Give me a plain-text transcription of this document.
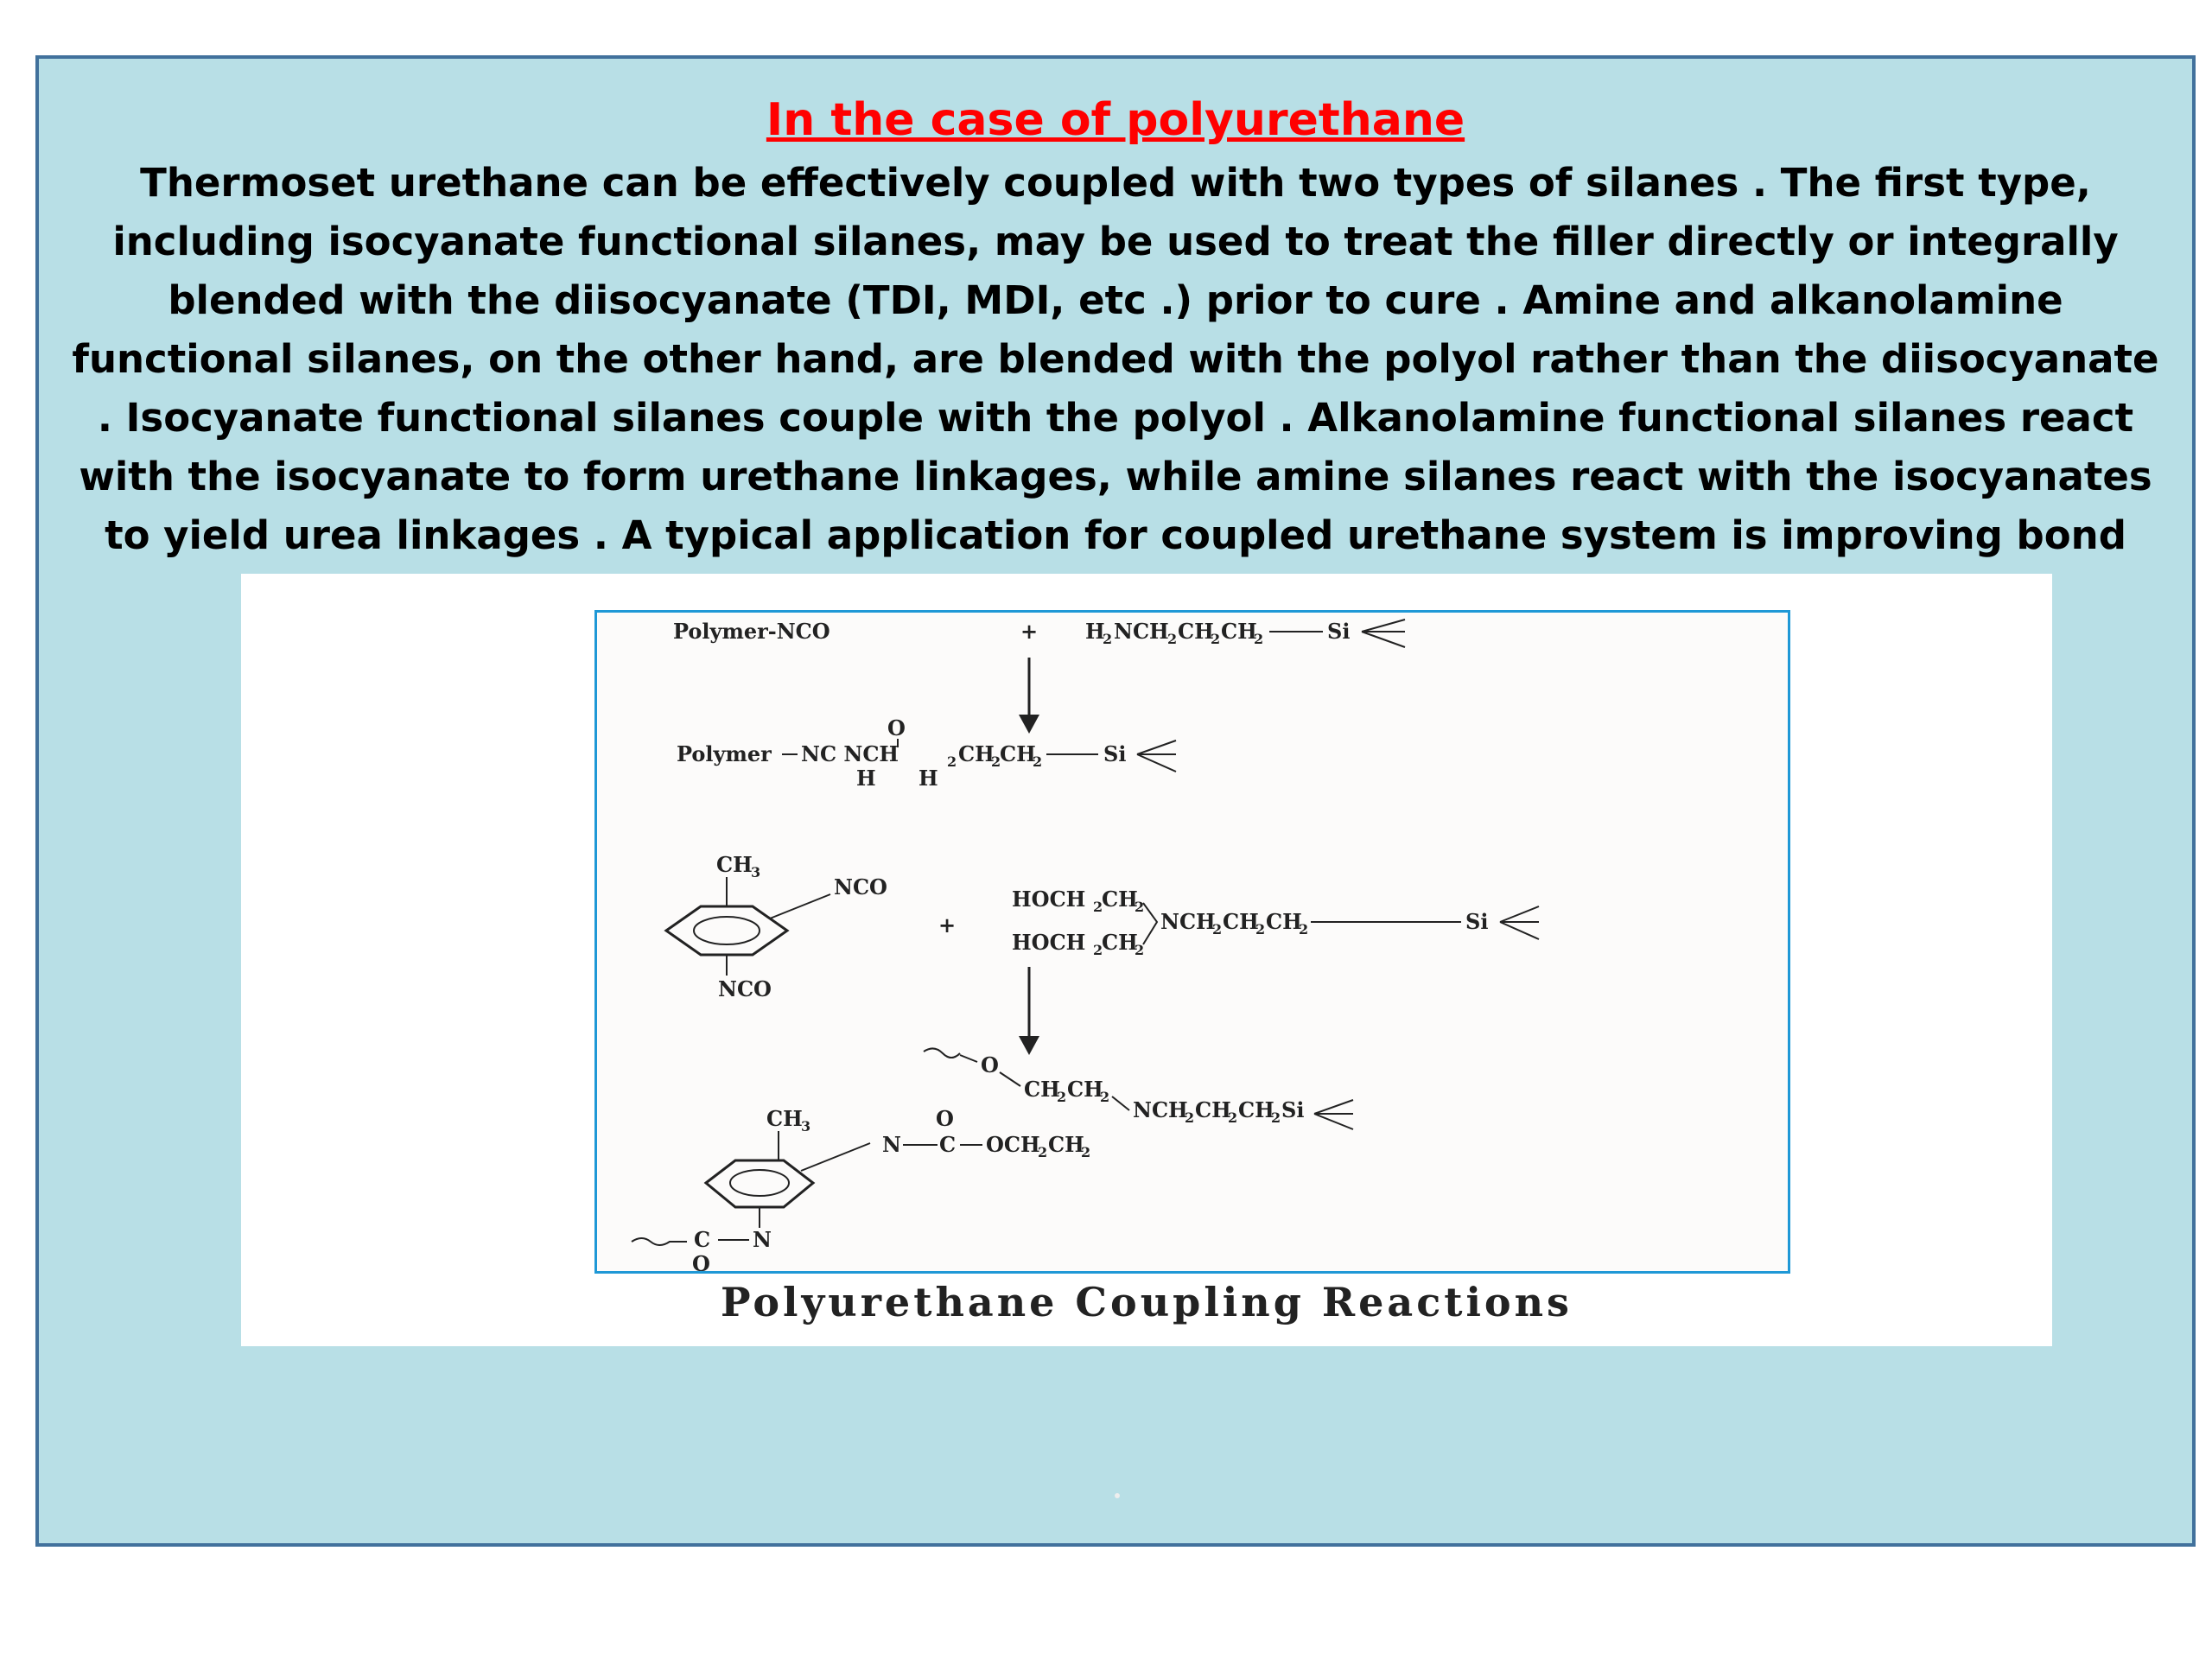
In the case of polyurethane
Thermoset urethane can be effectively coupled with two types of silanes . The first type, including isocyanate functional silanes, may be used to treat the filler directly or integrally blended with the diisocyanate (TDI, MDI, etc .) prior to cure . Amine and alkanolamine functional silanes, on the other hand, are blended with the polyol rather than the diisocyanate . Isocyanate functional silanes couple with the polyol . Alkanolamine functional silanes react with the isocyanate to form urethane linkages, while amine silanes react with the isocyanates to yield urea linkages . A typical application for coupled urethane system is improving bond
Polymer-NCO	+ H
2 NCH
2 CH
2 CH
2	Si
Polymer NC NCH
O
H H
2 CH
2
CH
2	Si
CH
3
NCO
NCO
+
HOCH 2
CH
2
HOCH 2
CH
2
NCH
2 CH
2 CH
2	Si
O
CH
2 CH
2
NCH
2 CH
2 CH
2 Si
CH
3
N
O
C OCH
2 CH
2
N
C
O
Polyurethane Coupling Reactions
